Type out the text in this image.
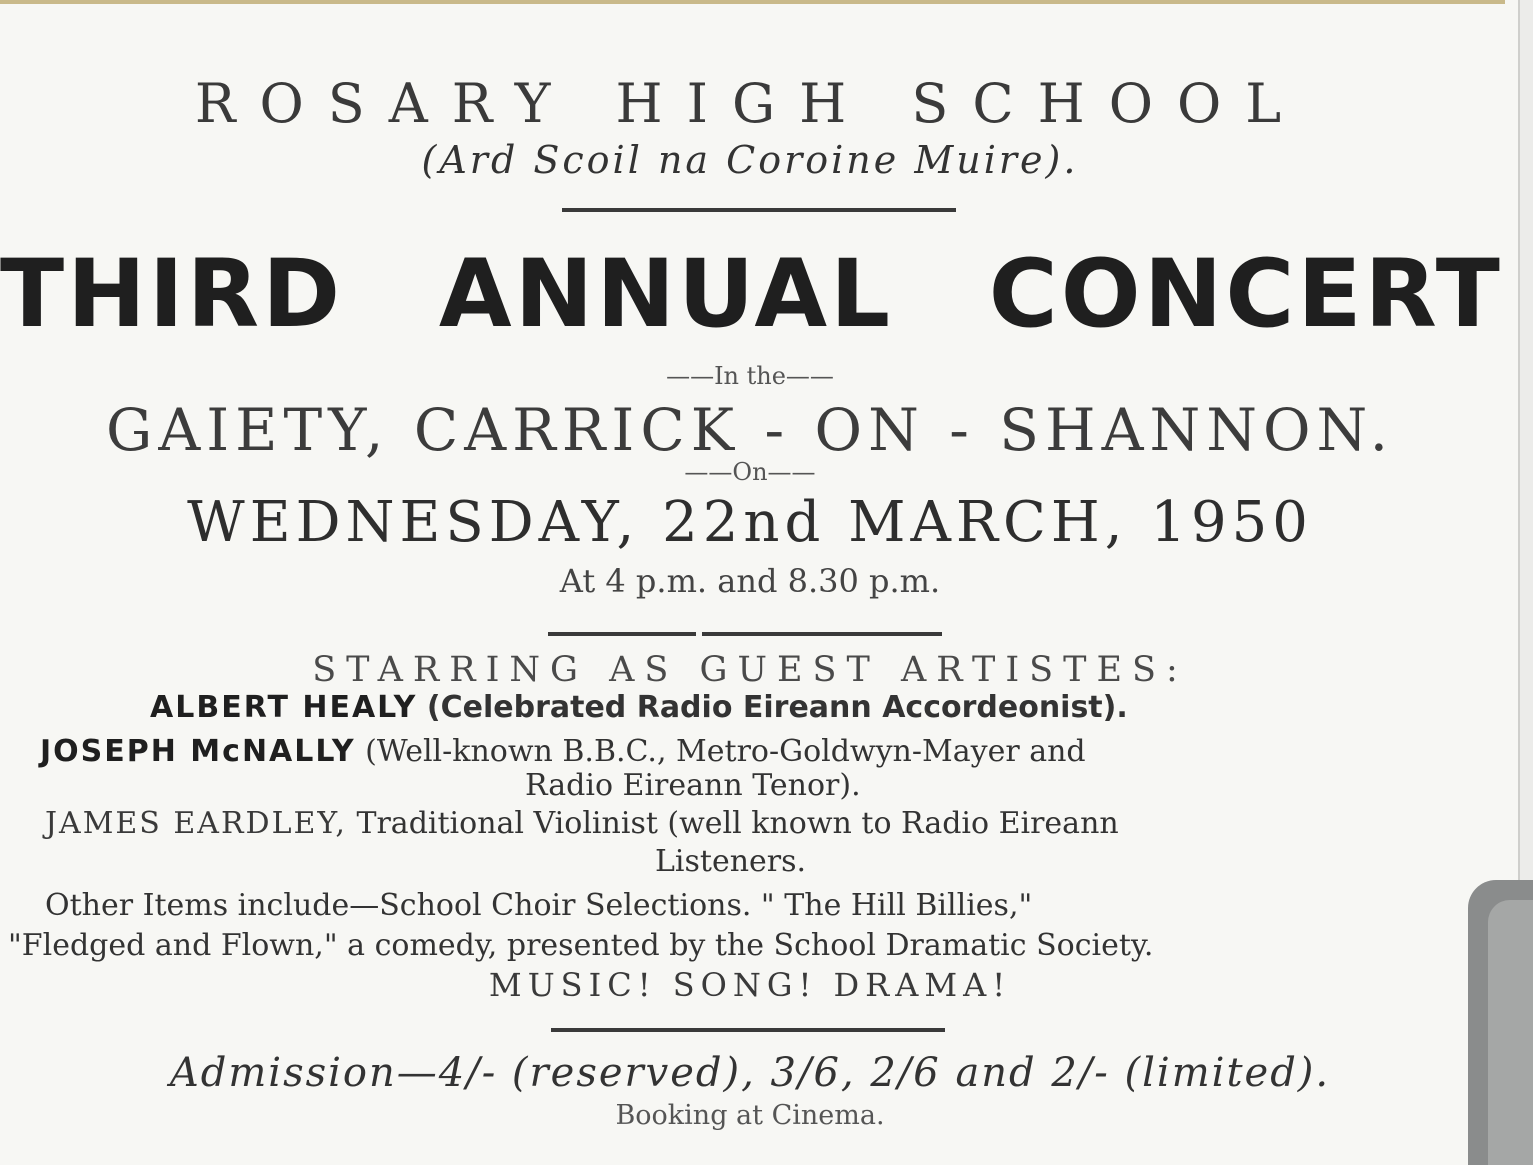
ROSARY HIGH SCHOOL
(Ard Scoil na Coroine Muire).
THIRD ANNUAL CONCERT
——In the——
GAIETY, CARRICK - ON - SHANNON.
——On——
WEDNESDAY, 22nd MARCH, 1950
At 4 p.m. and 8.30 p.m.
STARRING AS GUEST ARTISTES:
ALBERT HEALY (Celebrated Radio Eireann Accordeonist).
JOSEPH McNALLY (Well-known B.B.C., Metro-Goldwyn-Mayer and
Radio Eireann Tenor).
JAMES EARDLEY, Traditional Violinist (well known to Radio Eireann
Listeners.
Other Items include—School Choir Selections. " The Hill Billies,"
"Fledged and Flown," a comedy, presented by the School Dramatic Society.
MUSIC! SONG! DRAMA!
Admission—4/- (reserved), 3/6, 2/6 and 2/- (limited).
Booking at Cinema.
